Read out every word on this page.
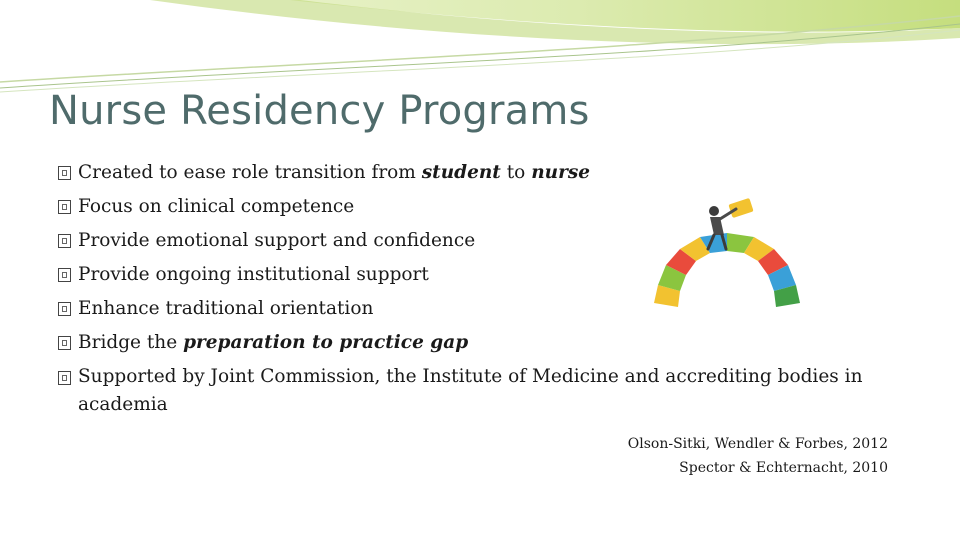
Nurse Residency Programs
Created to ease role transition from student to nurse
Focus on clinical competence
Provide emotional support and confidence
Provide ongoing institutional support
Enhance traditional orientation
Bridge the preparation to practice gap
Supported by Joint Commission, the Institute of Medicine and accrediting bodies in academia
Olson-Sitki, Wendler & Forbes, 2012
Spector & Echternacht, 2010
